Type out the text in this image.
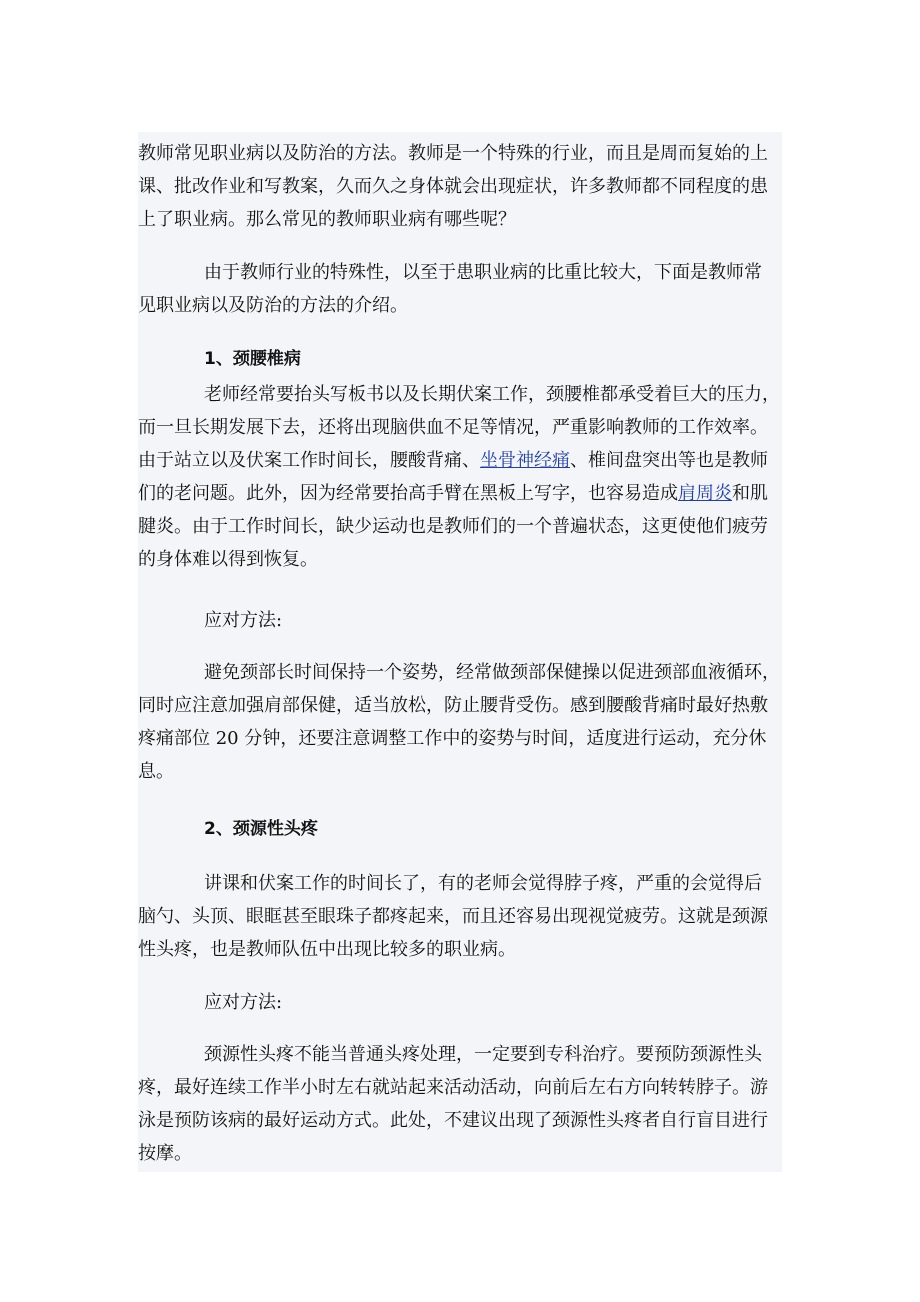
教师常见职业病以及防治的方法。教师是一个特殊的行业，而且是周而复始的上
课、批改作业和写教案，久而久之身体就会出现症状，许多教师都不同程度的患
上了职业病。那么常见的教师职业病有哪些呢？
由于教师行业的特殊性，以至于患职业病的比重比较大，下面是教师常
见职业病以及防治的方法的介绍。
1、颈腰椎病
老师经常要抬头写板书以及长期伏案工作，颈腰椎都承受着巨大的压力，
而一旦长期发展下去，还将出现脑供血不足等情况，严重影响教师的工作效率。
由于站立以及伏案工作时间长，腰酸背痛、坐骨神经痛、椎间盘突出等也是教师
们的老问题。此外，因为经常要抬高手臂在黑板上写字，也容易造成肩周炎和肌
腱炎。由于工作时间长，缺少运动也是教师们的一个普遍状态，这更使他们疲劳
的身体难以得到恢复。
应对方法:
避免颈部长时间保持一个姿势，经常做颈部保健操以促进颈部血液循环，
同时应注意加强肩部保健，适当放松，防止腰背受伤。感到腰酸背痛时最好热敷
疼痛部位 20 分钟，还要注意调整工作中的姿势与时间，适度进行运动，充分休
息。
2、颈源性头疼
讲课和伏案工作的时间长了，有的老师会觉得脖子疼，严重的会觉得后
脑勺、头顶、眼眶甚至眼珠子都疼起来，而且还容易出现视觉疲劳。这就是颈源
性头疼，也是教师队伍中出现比较多的职业病。
应对方法:
颈源性头疼不能当普通头疼处理，一定要到专科治疗。要预防颈源性头
疼，最好连续工作半小时左右就站起来活动活动，向前后左右方向转转脖子。游
泳是预防该病的最好运动方式。此处，不建议出现了颈源性头疼者自行盲目进行
按摩。
